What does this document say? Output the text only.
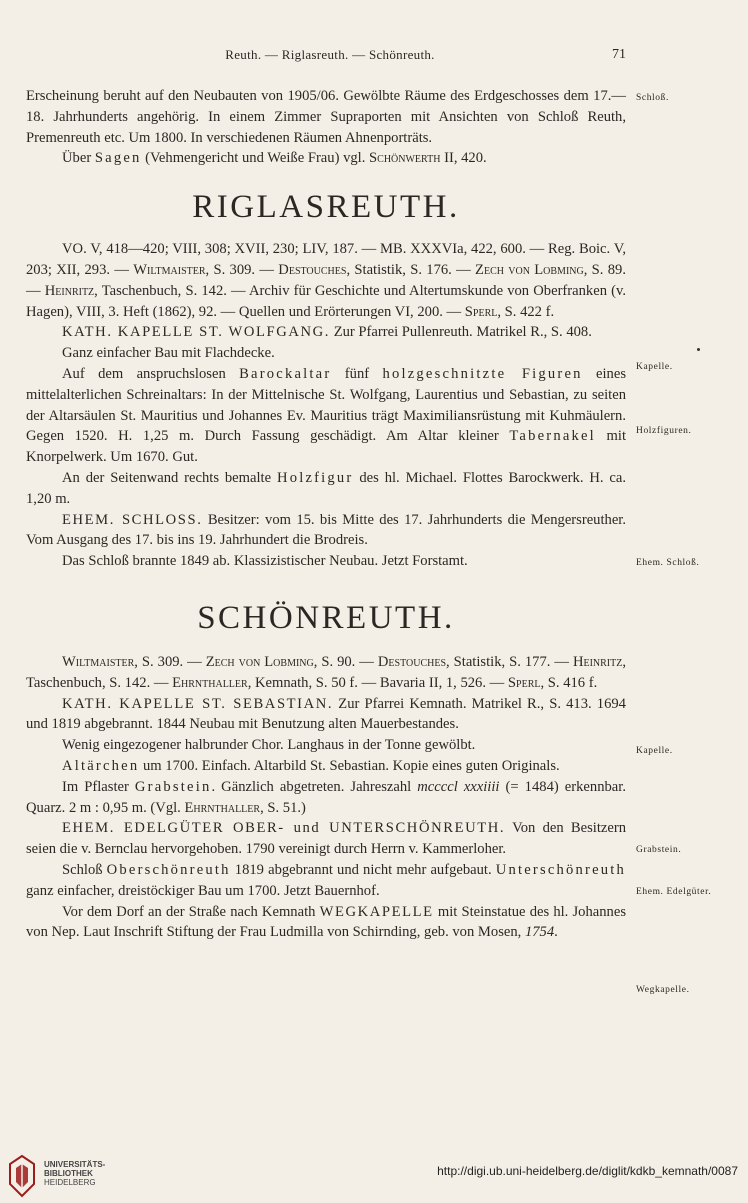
Reuth. — Riglasreuth. — Schönreuth.	71

Erscheinung beruht auf den Neubauten von 1905/06. Gewölbte Räume des Erdgeschosses dem 17.—18. Jahrhunderts angehörig. In einem Zimmer Supraporten mit Ansichten von Schloß Reuth, Premenreuth etc. Um 1800. In verschiedenen Räumen Ahnenporträts.

Über Sagen (Vehmengericht und Weiße Frau) vgl. Schönwerth II, 420.

RIGLASREUTH.

VO. V, 418—420; VIII, 308; XVII, 230; LIV, 187. — MB. XXXVIa, 422, 600. — Reg. Boic. V, 203; XII, 293. — Wiltmaister, S. 309. — Destouches, Statistik, S. 176. — Zech von Lobming, S. 89. — Heinritz, Taschenbuch, S. 142. — Archiv für Geschichte und Altertumskunde von Oberfranken (v. Hagen), VIII, 3. Heft (1862), 92. — Quellen und Erörterungen VI, 200. — Sperl, S. 422 f.

KATH. KAPELLE ST. WOLFGANG. Zur Pfarrei Pullenreuth. Matrikel R., S. 408.

Ganz einfacher Bau mit Flachdecke.

Auf dem anspruchslosen Barockaltar fünf holzgeschnitzte Figuren eines mittelalterlichen Schreinaltars: In der Mittelnische St. Wolfgang, Laurentius und Sebastian, zu seiten der Altarsäulen St. Mauritius und Johannes Ev. Mauritius trägt Maximiliansrüstung mit Kuhmäulern. Gegen 1520. H. 1,25 m. Durch Fassung geschädigt. Am Altar kleiner Tabernakel mit Knorpelwerk. Um 1670. Gut.

An der Seitenwand rechts bemalte Holzfigur des hl. Michael. Flottes Barockwerk. H. ca. 1,20 m.

EHEM. SCHLOSS. Besitzer: vom 15. bis Mitte des 17. Jahrhunderts die Mengersreuther. Vom Ausgang des 17. bis ins 19. Jahrhundert die Brodreis.

Das Schloß brannte 1849 ab. Klassizistischer Neubau. Jetzt Forstamt.

SCHÖNREUTH.

Wiltmaister, S. 309. — Zech von Lobming, S. 90. — Destouches, Statistik, S. 177. — Heinritz, Taschenbuch, S. 142. — Ehrnthaller, Kemnath, S. 50 f. — Bavaria II, 1, 526. — Sperl, S. 416 f.

KATH. KAPELLE ST. SEBASTIAN. Zur Pfarrei Kemnath. Matrikel R., S. 413. 1694 und 1819 abgebrannt. 1844 Neubau mit Benutzung alten Mauerbestandes.

Wenig eingezogener halbrunder Chor. Langhaus in der Tonne gewölbt.

Altärchen um 1700. Einfach. Altarbild St. Sebastian. Kopie eines guten Originals.

Im Pflaster Grabstein. Gänzlich abgetreten. Jahreszahl mccccl xxxiiii (= 1484) erkennbar. Quarz. 2 m : 0,95 m. (Vgl. Ehrnthaller, S. 51.)

EHEM. EDELGÜTER OBER- und UNTERSCHÖNREUTH. Von den Besitzern seien die v. Bernclau hervorgehoben. 1790 vereinigt durch Herrn v. Kammerloher.

Schloß Oberschönreuth 1819 abgebrannt und nicht mehr aufgebaut. Unterschönreuth ganz einfacher, dreistöckiger Bau um 1700. Jetzt Bauernhof.

Vor dem Dorf an der Straße nach Kemnath WEGKAPELLE mit Steinstatue des hl. Johannes von Nep. Laut Inschrift Stiftung der Frau Ludmilla von Schirnding, geb. von Mosen, 1754.

Schloß.
Kapelle.
Holzfiguren.
Ehem. Schloß.
Kapelle.
Grabstein.
Ehem. Edelgüter.
Wegkapelle.
UNIVERSITÄTS-
BIBLIOTHEK
HEIDELBERG
http://digi.ub.uni-heidelberg.de/diglit/kdkb_kemnath/0087
